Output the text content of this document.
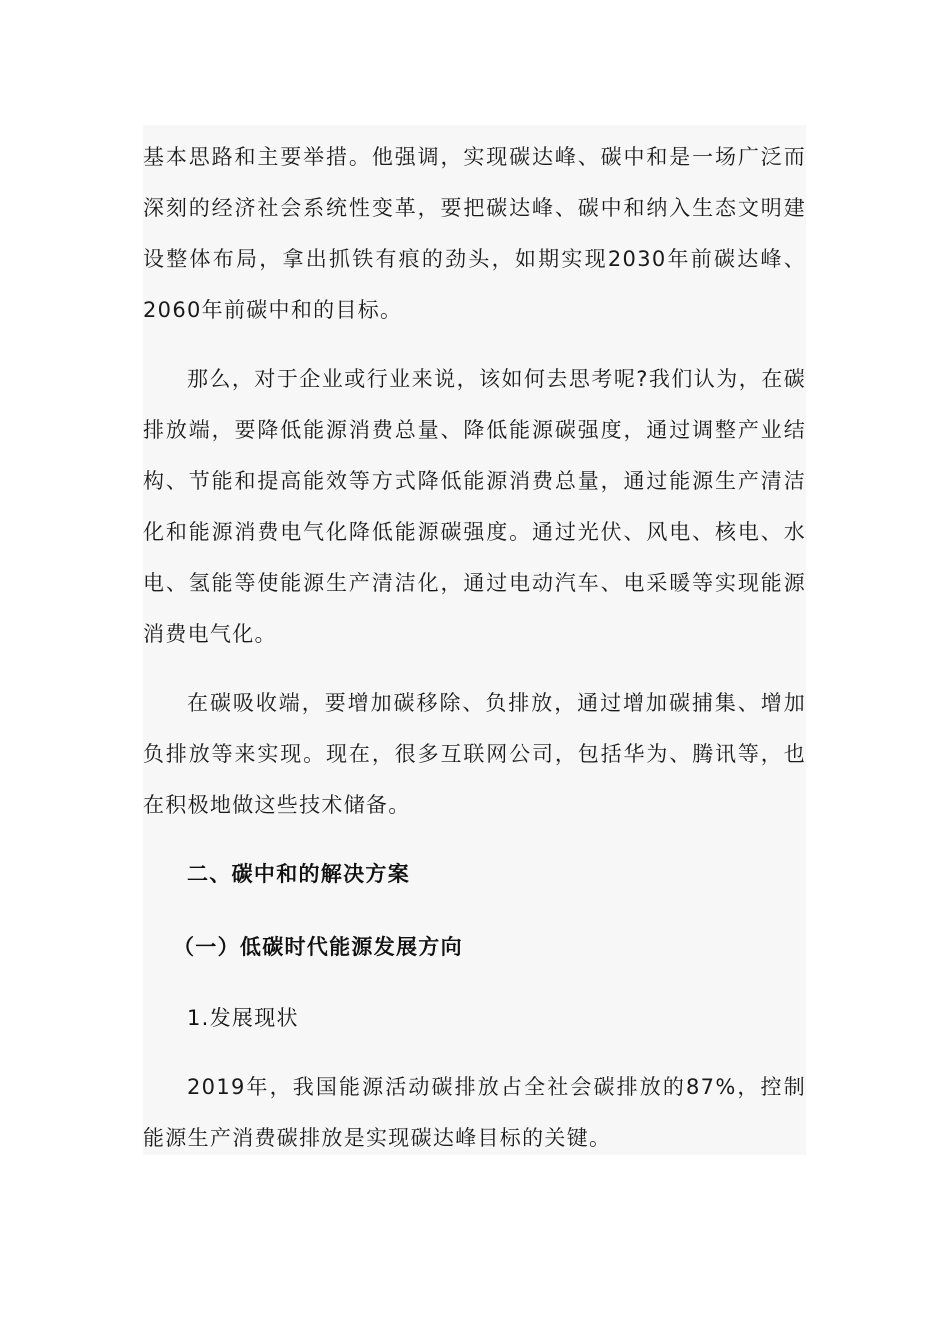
基本思路和主要举措。他强调，实现碳达峰、碳中和是一场广泛而深刻的经济社会系统性变革，要把碳达峰、碳中和纳入生态文明建设整体布局，拿出抓铁有痕的劲头，如期实现2030年前碳达峰、2060年前碳中和的目标。

那么，对于企业或行业来说，该如何去思考呢?我们认为，在碳排放端，要降低能源消费总量、降低能源碳强度，通过调整产业结构、节能和提高能效等方式降低能源消费总量，通过能源生产清洁化和能源消费电气化降低能源碳强度。通过光伏、风电、核电、水电、氢能等使能源生产清洁化，通过电动汽车、电采暖等实现能源消费电气化。

在碳吸收端，要增加碳移除、负排放，通过增加碳捕集、增加负排放等来实现。现在，很多互联网公司，包括华为、腾讯等，也在积极地做这些技术储备。

二、碳中和的解决方案

（一）低碳时代能源发展方向

1.发展现状

2019年，我国能源活动碳排放占全社会碳排放的87%，控制能源生产消费碳排放是实现碳达峰目标的关键。
